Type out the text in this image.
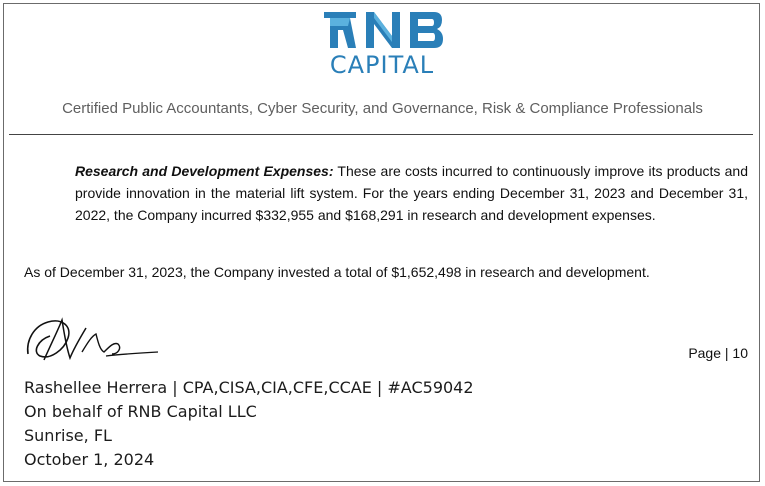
CAPITAL
Certified Public Accountants, Cyber Security, and Governance, Risk & Compliance Professionals
Research and Development Expenses: These are costs incurred to continuously improve its products and provide innovation in the material lift system. For the years ending December 31, 2023 and December 31, 2022, the Company incurred $332,955 and $168,291 in research and development expenses.
As of December 31, 2023, the Company invested a total of $1,652,498 in research and development.
Page | 10
Rashellee Herrera | CPA,CISA,CIA,CFE,CCAE | #AC59042
On behalf of RNB Capital LLC
Sunrise, FL
October 1, 2024
